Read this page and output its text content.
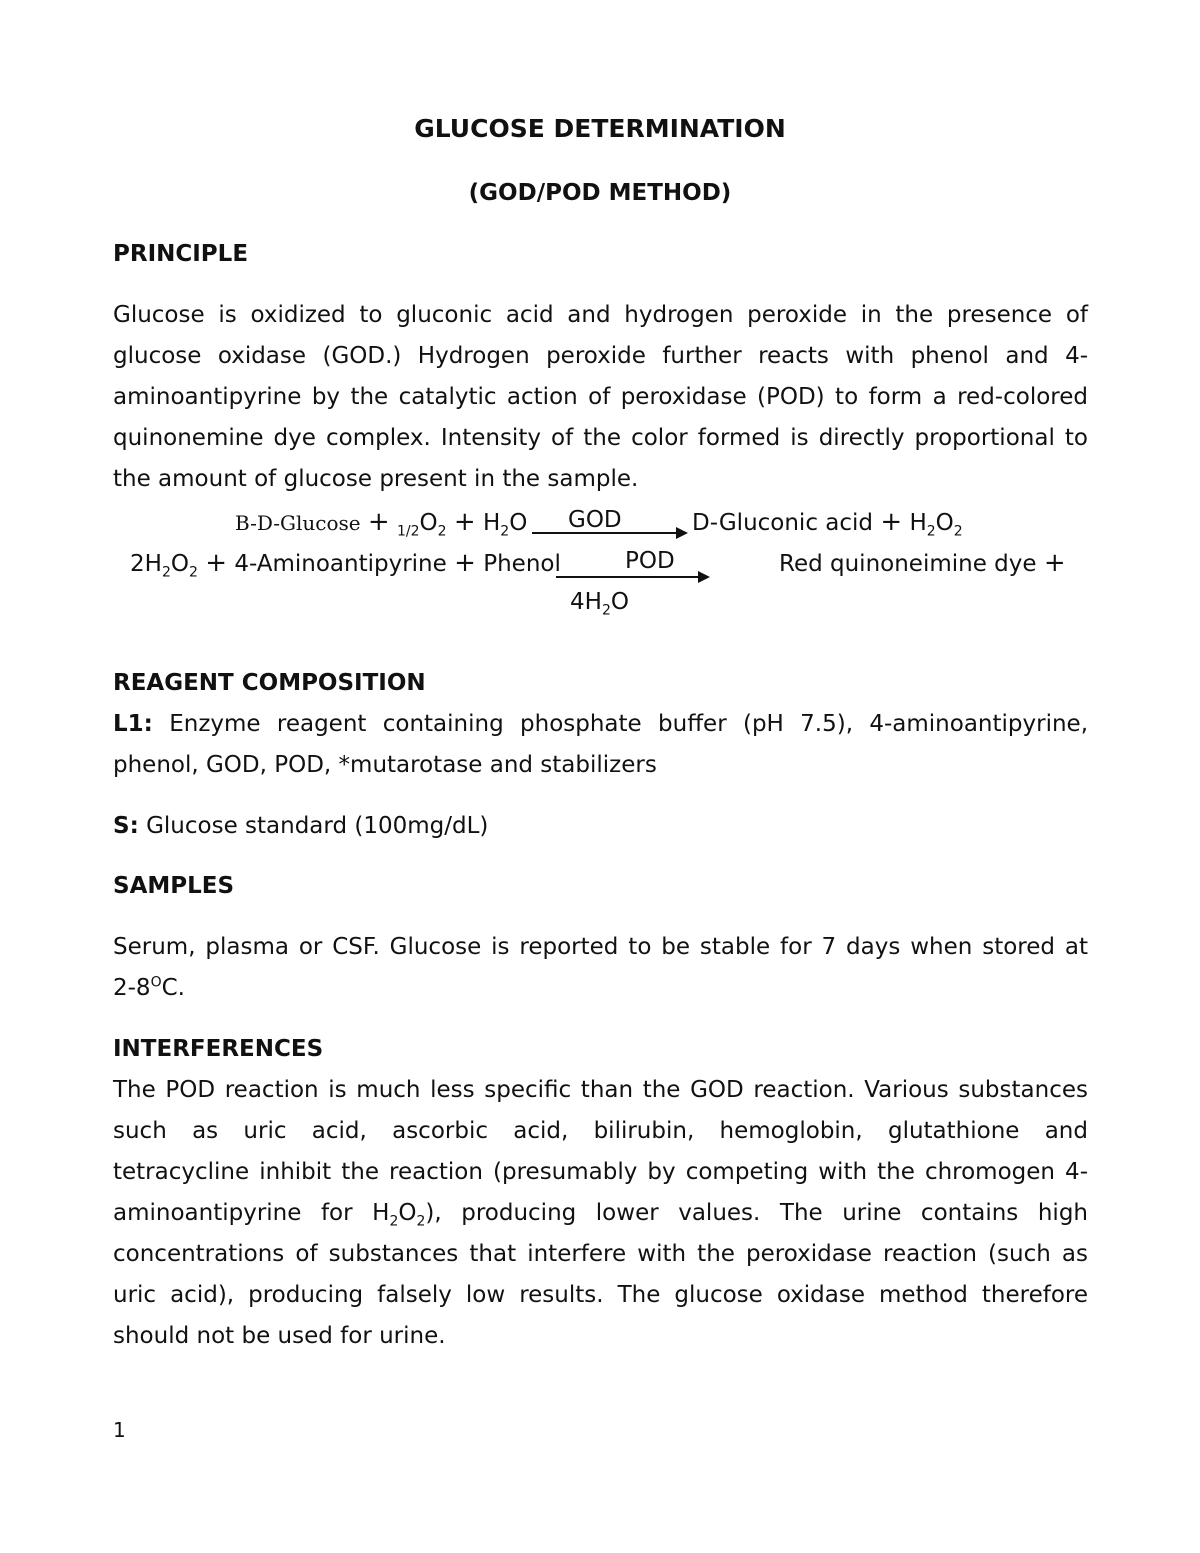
GLUCOSE DETERMINATION
(GOD/POD METHOD)
PRINCIPLE
Glucose is oxidized to gluconic acid and hydrogen peroxide in the presence of
glucose oxidase (GOD.) Hydrogen peroxide further reacts with phenol and 4-
aminoantipyrine by the catalytic action of peroxidase (POD) to form a red-colored
quinonemine dye complex. Intensity of the color formed is directly proportional to
the amount of glucose present in the sample.
$B-D-Glucose + _{1/2}O_2 + H_2O$ GOD	D-Gluconic acid + $H_2O_2$
$2H_2O_2$ + 4-Aminoantipyrine + Phenol	POD	Red quinoneimine dye +
$4H_2O$
REAGENT COMPOSITION
L1: Enzyme reagent containing phosphate buffer (pH 7.5), 4-aminoantipyrine,
phenol, GOD, POD, *mutarotase and stabilizers
S: Glucose standard (100mg/dL)
SAMPLES
Serum, plasma or CSF. Glucose is reported to be stable for 7 days when stored at
$2-8^OC$.
INTERFERENCES
The POD reaction is much less specific than the GOD reaction. Various substances
such as uric acid, ascorbic acid, bilirubin, hemoglobin, glutathione and
tetracycline inhibit the reaction (presumably by competing with the chromogen 4-
aminoantipyrine for $H_2O_2$), producing lower values. The urine contains high
concentrations of substances that interfere with the peroxidase reaction (such as
uric acid), producing falsely low results. The glucose oxidase method therefore
should not be used for urine.
1
